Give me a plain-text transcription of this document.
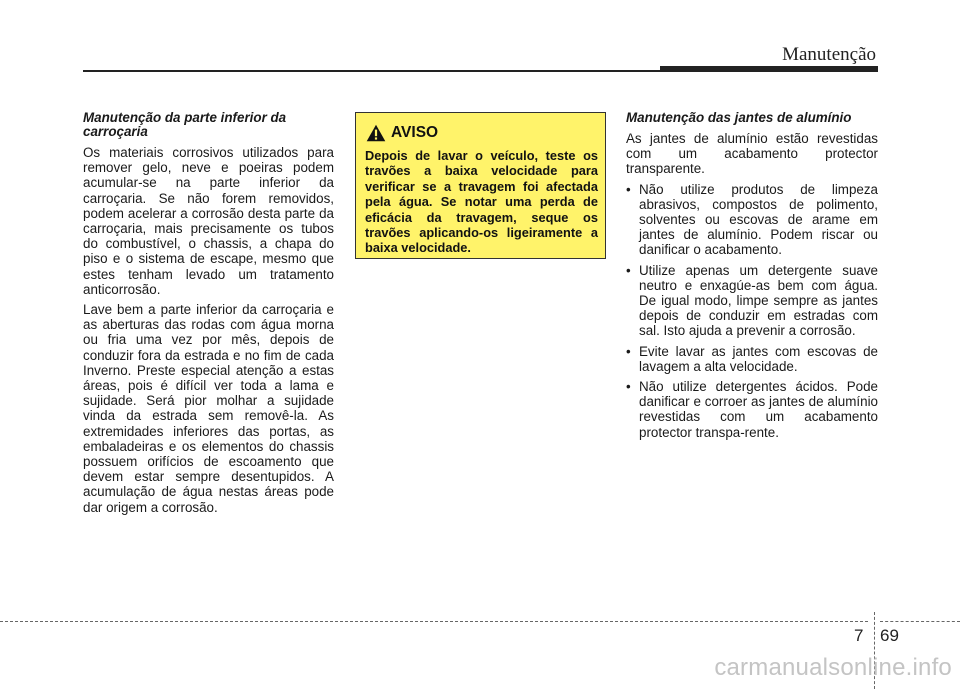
Manutenção
Manutenção da parte inferior da carroçaria

Os materiais corrosivos utilizados para remover gelo, neve e poeiras podem acumular-se na parte inferior da carroçaria. Se não forem removidos, podem acelerar a corrosão desta parte da carroçaria, mais precisamente os tubos do combustível, o chassis, a chapa do piso e o sistema de escape, mesmo que estes tenham levado um tratamento anticorrosão.

Lave bem a parte inferior da carroçaria e as aberturas das rodas com água morna ou fria uma vez por mês, depois de conduzir fora da estrada e no fim de cada Inverno. Preste especial atenção a estas áreas, pois é difícil ver toda a lama e sujidade. Será pior molhar a sujidade vinda da estrada sem removê-la. As extremidades inferiores das portas, as embaladeiras e os elementos do chassis possuem orifícios de escoamento que devem estar sempre desentupidos. A acumulação de água nestas áreas pode dar origem a corrosão.

AVISO
Depois de lavar o veículo, teste os travões a baixa velocidade para verificar se a travagem foi afectada pela água. Se notar uma perda de eficácia da travagem, seque os travões aplicando-os ligeiramente a baixa velocidade.
Manutenção das jantes de alumínio

As jantes de alumínio estão revestidas com um acabamento protector transparente.

• Não utilize produtos de limpeza abrasivos, compostos de polimento, solventes ou escovas de arame em jantes de alumínio. Podem riscar ou danificar o acabamento.
• Utilize apenas um detergente suave neutro e enxagúe-as bem com água. De igual modo, limpe sempre as jantes depois de conduzir em estradas com sal. Isto ajuda a prevenir a corrosão.
• Evite lavar as jantes com escovas de lavagem a alta velocidade.
• Não utilize detergentes ácidos. Pode danificar e corroer as jantes de alumínio revestidas com um acabamento protector transpa-rente.
7 69
carmanualsonline.info
